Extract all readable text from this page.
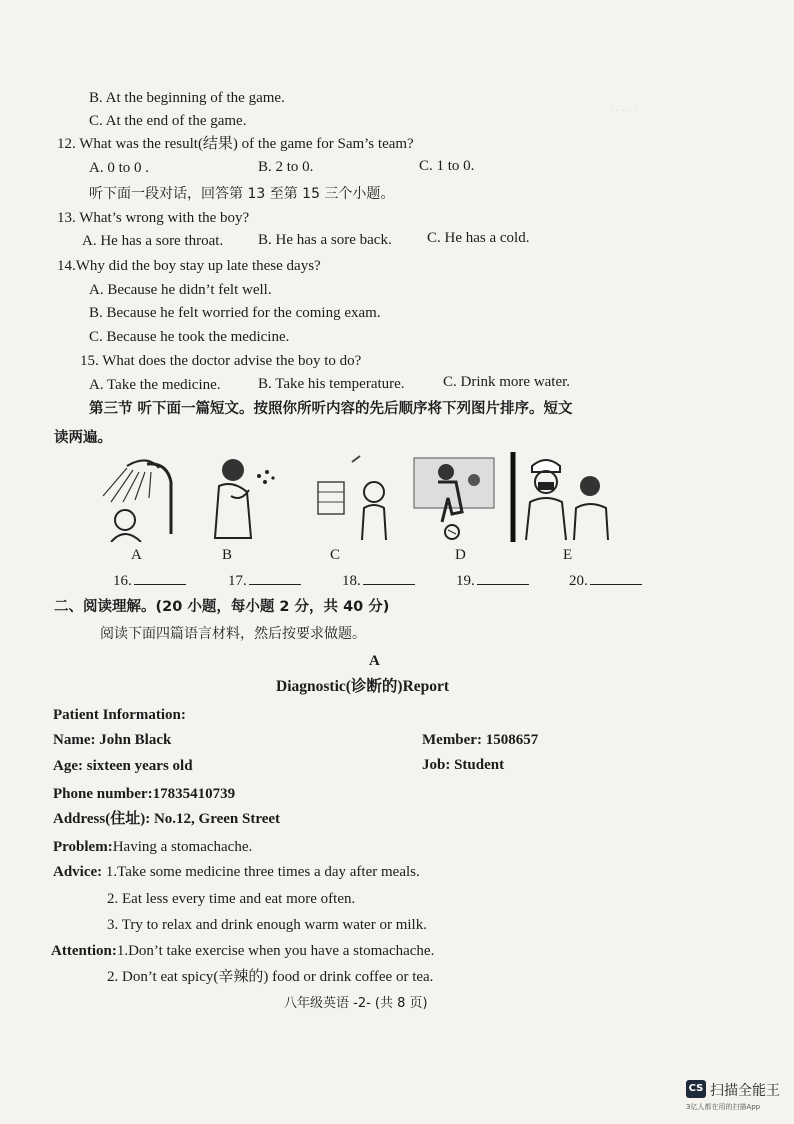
. . . . .
B. At the beginning of the game.
C. At the end of the game.
12. What was the result(结果) of the game for Sam’s team?
A. 0 to 0 .	B. 2 to 0.	C. 1 to 0.
听下面一段对话，回答第 13 至第 15 三个小题。
13. What’s wrong with the boy?
A. He has a sore throat. B. He has a sore back. C. He has a cold.
14.Why did the boy stay up late these days?
A. Because he didn’t felt well.
B. Because he felt worried for the coming exam.
C. Because he took the medicine.
15. What does the doctor advise the boy to do?
A. Take the medicine. B. Take his temperature.	C. Drink more water.
第三节 听下面一篇短文。按照你所听内容的先后顺序将下列图片排序。短文
读两遍。
A	B	C	D	E
16.	17.	18.	19.	20.
二、阅读理解。(20 小题，每小题 2 分，共 40 分)
阅读下面四篇语言材料，然后按要求做题。
A
Diagnostic(诊断的)Report
Patient Information:
Name: John Black	Member: 1508657
Age: sixteen years old	Job: Student
Phone number:17835410739
Address(住址): No.12, Green Street
Problem:Having a stomachache.
Advice: 1.Take some medicine three times a day after meals.
2. Eat less every time and eat more often.
3. Try to relax and drink enough warm water or milk.
Attention:1.Don’t take exercise when you have a stomachache.
2. Don’t eat spicy(辛辣的) food or drink coffee or tea.
八年级英语 -2- (共 8 页)
CS 扫描全能王
3亿人都在用的扫描App
